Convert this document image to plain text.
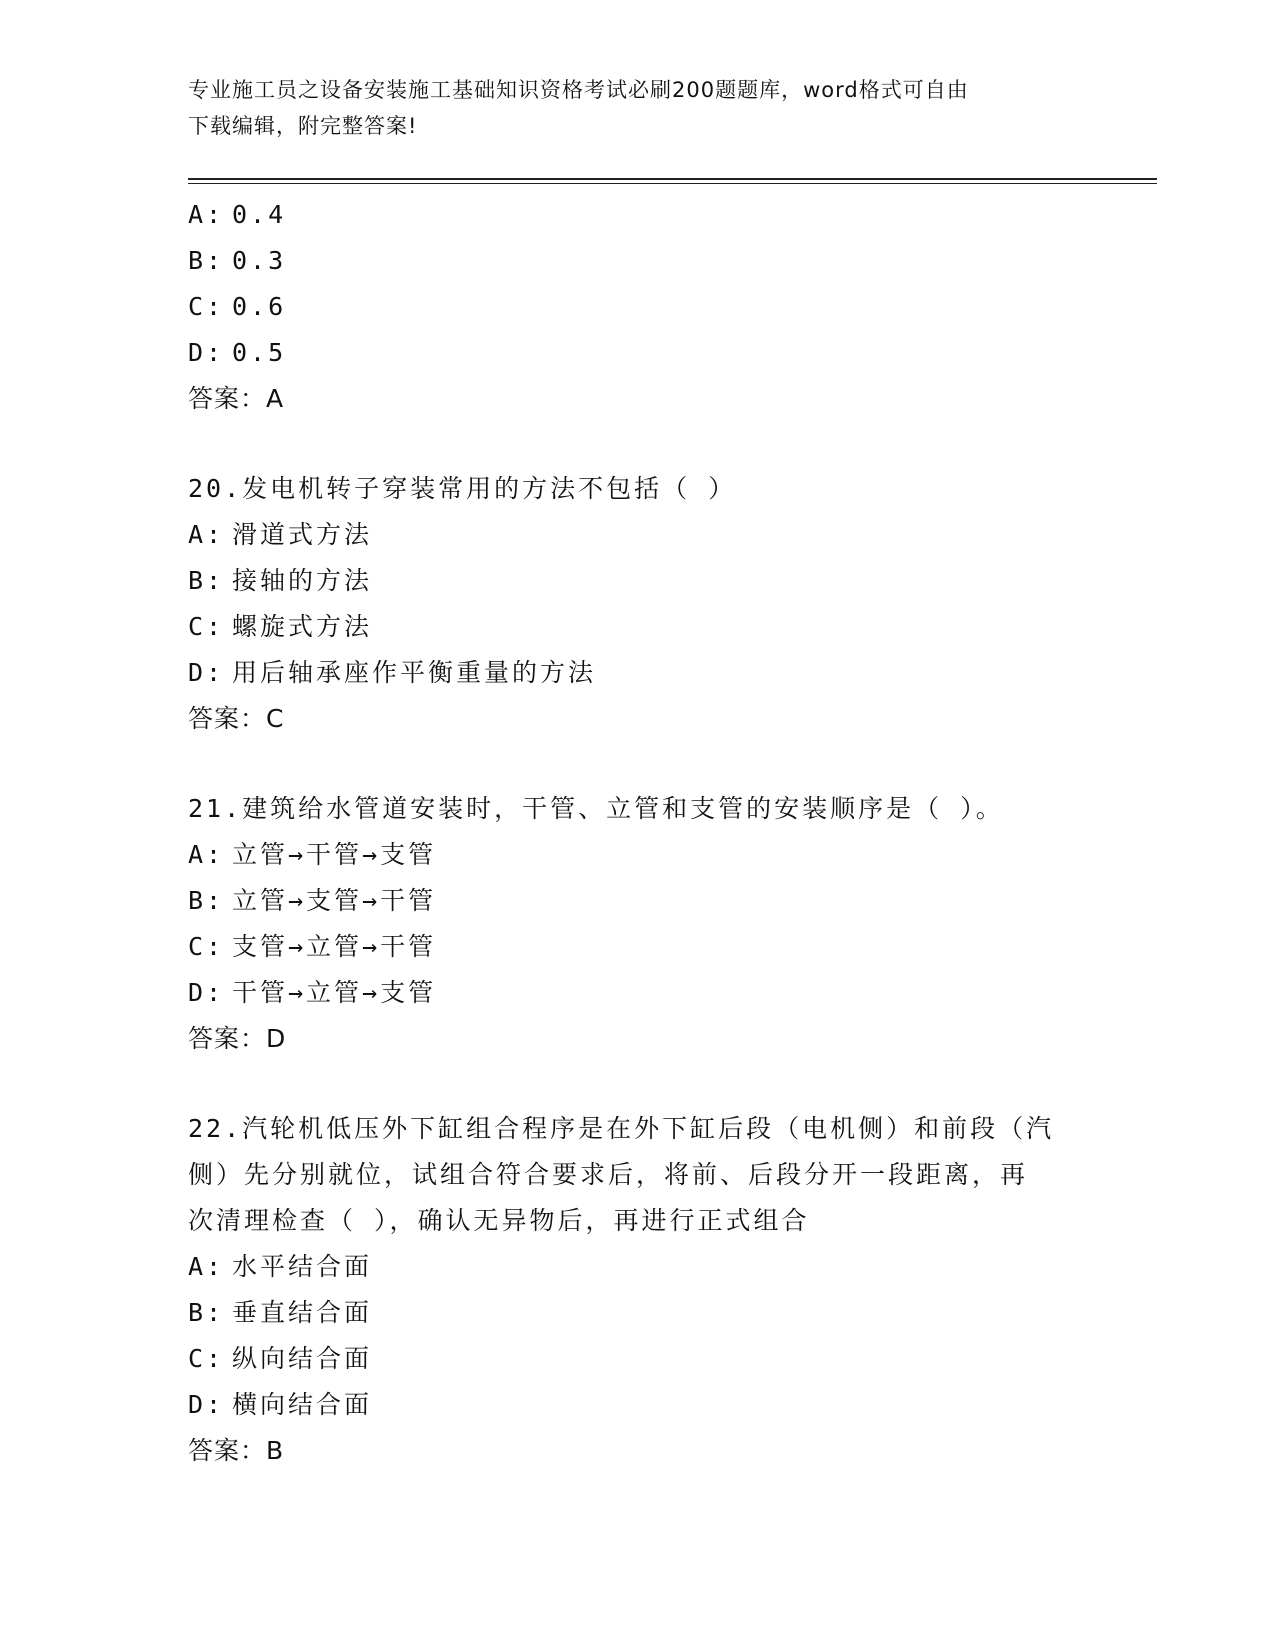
专业施工员之设备安装施工基础知识资格考试必刷200题题库，word格式可自由
下载编辑，附完整答案!
A: 0.4
B: 0.3
C: 0.6
D: 0.5
答案：A
20.发电机转子穿装常用的方法不包括（ ）
A: 滑道式方法
B: 接轴的方法
C: 螺旋式方法
D: 用后轴承座作平衡重量的方法
答案：C
21.建筑给水管道安装时，干管、立管和支管的安装顺序是（ ）。
A: 立管→干管→支管
B: 立管→支管→干管
C: 支管→立管→干管
D: 干管→立管→支管
答案：D
22.汽轮机低压外下缸组合程序是在外下缸后段（电机侧）和前段（汽
侧）先分别就位，试组合符合要求后，将前、后段分开一段距离，再
次清理检查（ ），确认无异物后，再进行正式组合
A: 水平结合面
B: 垂直结合面
C: 纵向结合面
D: 横向结合面
答案：B
